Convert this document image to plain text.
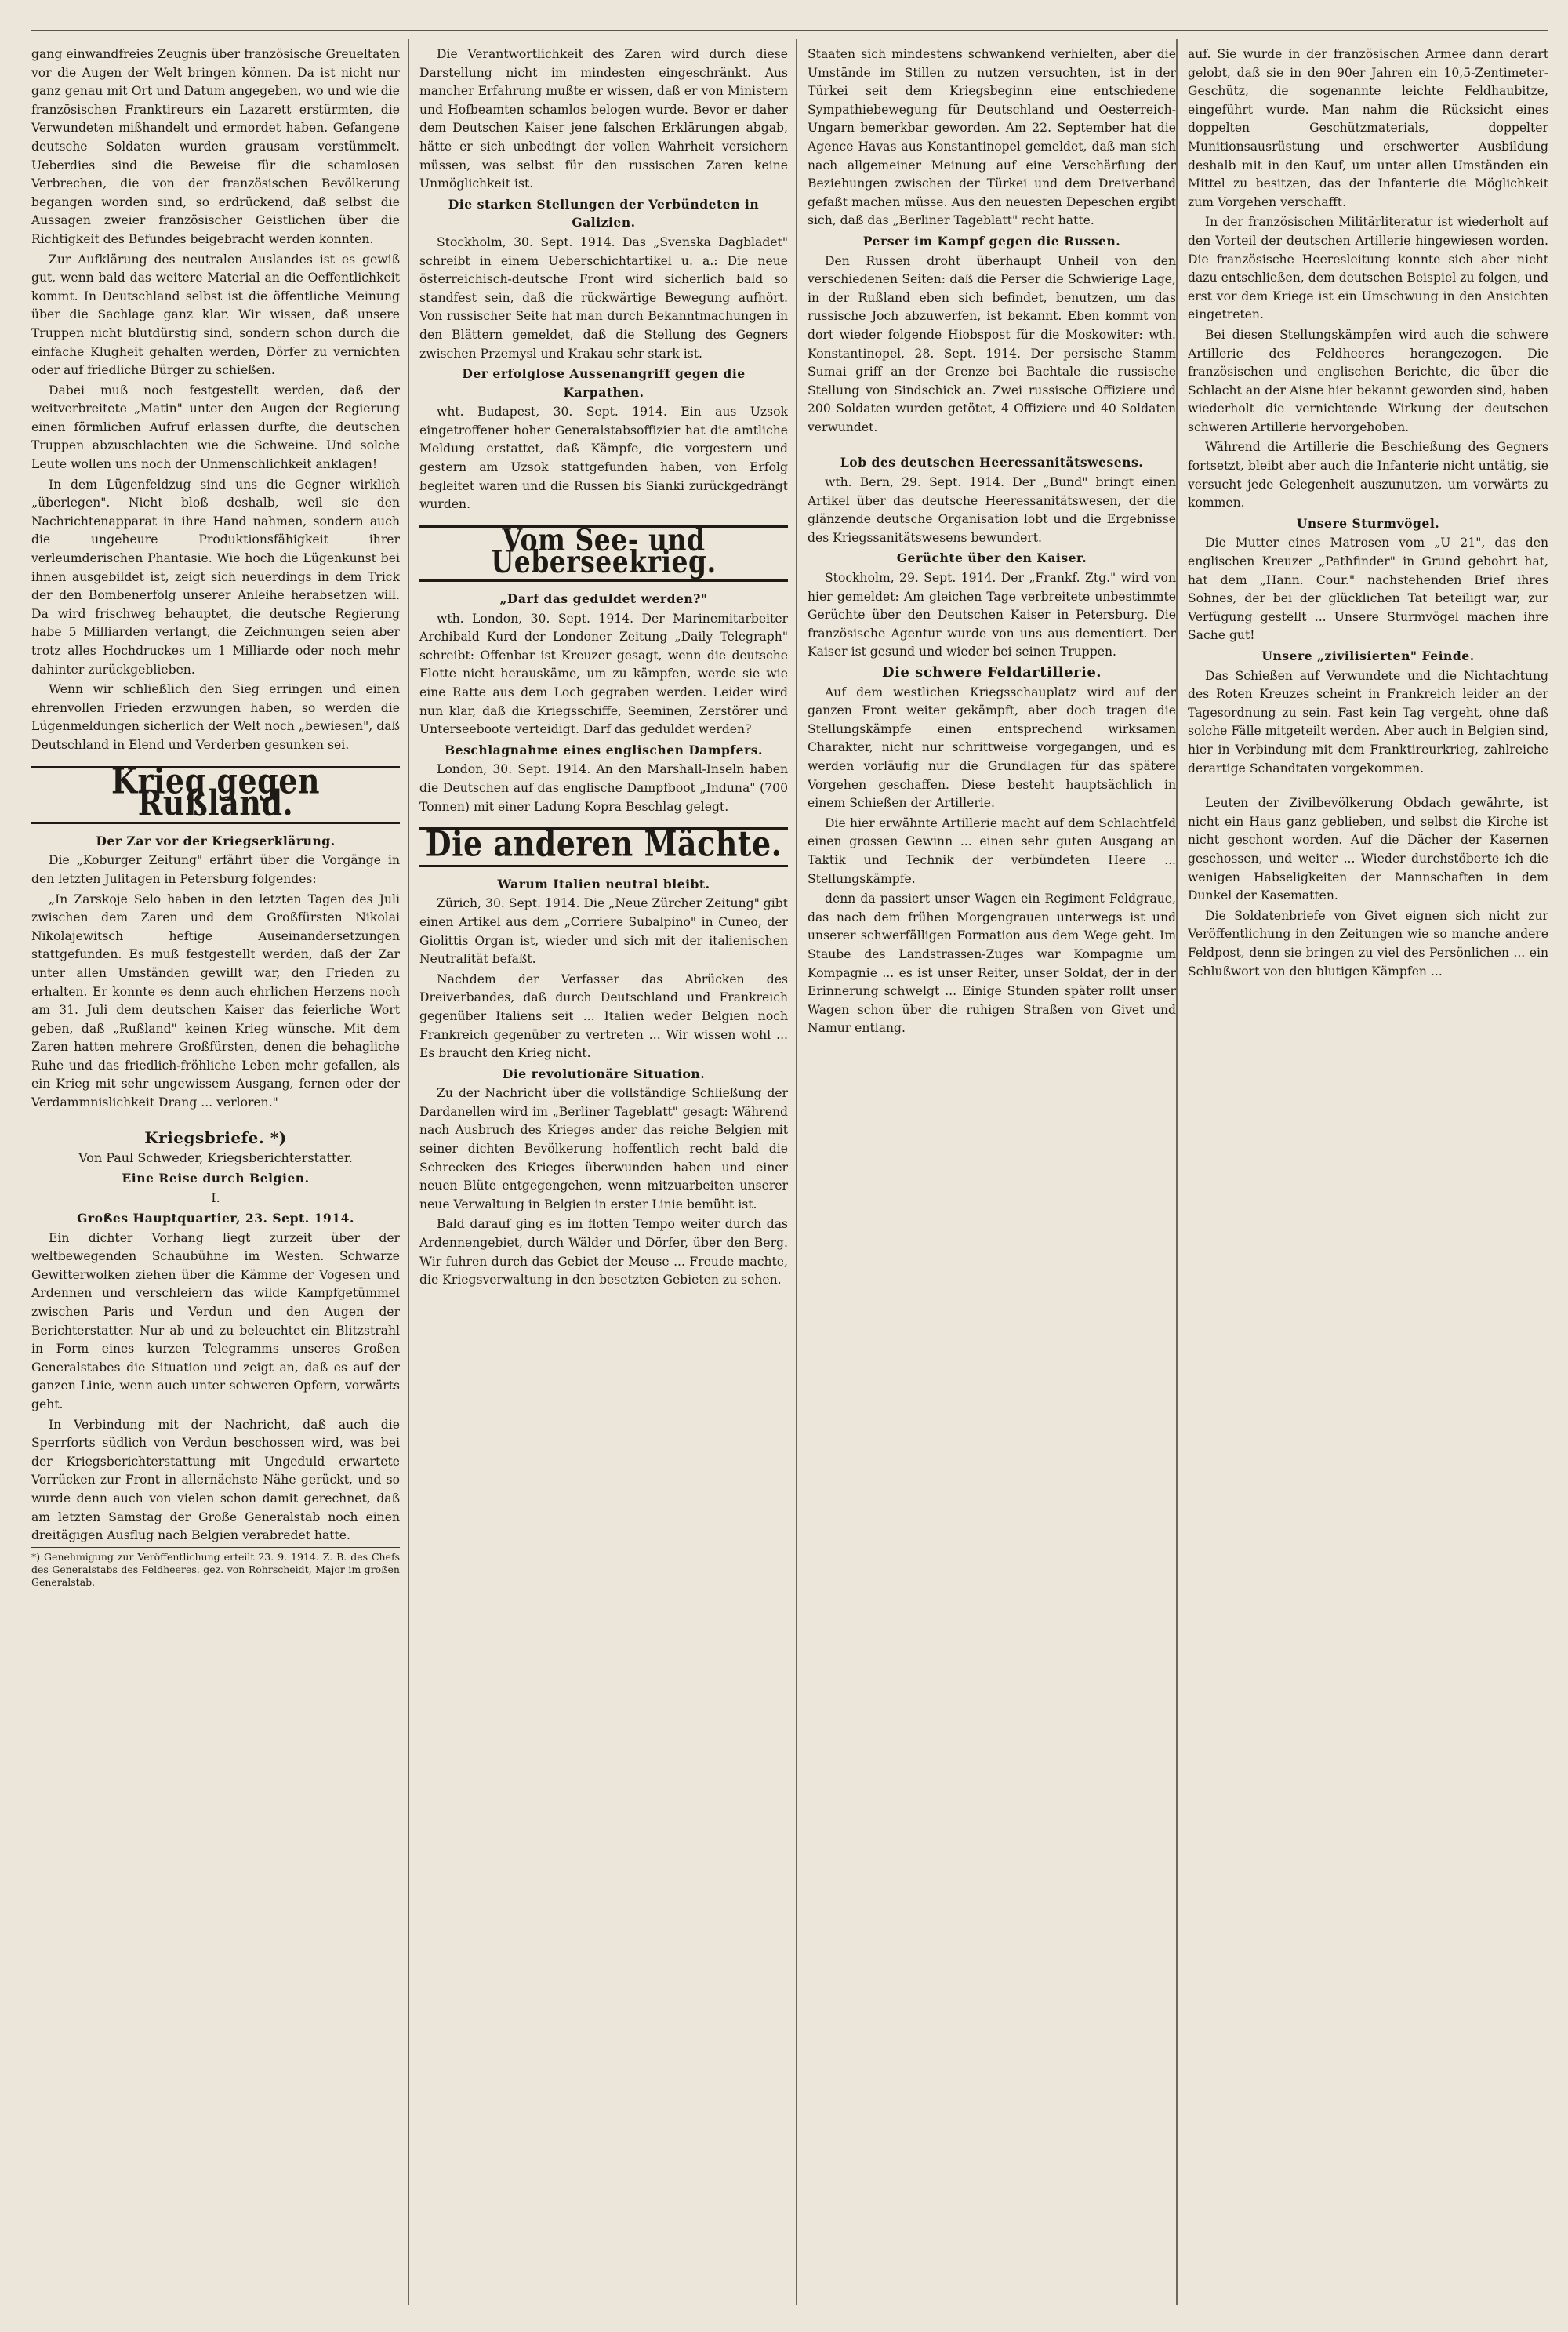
gang einwandfreies Zeugnis über französische Greueltaten vor die Augen der Welt bringen können. Da ist nicht nur ganz genau mit Ort und Datum angegeben, wo und wie die französischen Franktireurs ein Lazarett erstürmten, die Verwundeten mißhandelt und ermordet haben. Gefangene deutsche Soldaten wurden grausam verstümmelt. Ueberdies sind die Beweise für die schamlosen Verbrechen, die von der französischen Bevölkerung begangen worden sind, so erdrückend, daß selbst die Aussagen zweier französischer Geistlichen über die Richtigkeit des Befundes beigebracht werden konnten.

Zur Aufklärung des neutralen Auslandes ist es gewiß gut, wenn bald das weitere Material an die Oeffentlichkeit kommt. In Deutschland selbst ist die öffentliche Meinung über die Sachlage ganz klar. Wir wissen, daß unsere Truppen nicht blutdürstig sind, sondern schon durch die einfache Klugheit gehalten werden, Dörfer zu vernichten oder auf friedliche Bürger zu schießen.

Dabei muß noch festgestellt werden, daß der weitverbreitete „Matin" unter den Augen der Regierung einen förmlichen Aufruf erlassen durfte, die deutschen Truppen abzuschlachten wie die Schweine. Und solche Leute wollen uns noch der Unmenschlichkeit anklagen!

In dem Lügenfeldzug sind uns die Gegner wirklich „überlegen". Nicht bloß deshalb, weil sie den Nachrichtenapparat in ihre Hand nahmen, sondern auch die ungeheure Produktionsfähigkeit ihrer verleumderischen Phantasie. Wie hoch die Lügenkunst bei ihnen ausgebildet ist, zeigt sich neuerdings in dem Trick der den Bombenerfolg unserer Anleihe herabsetzen will. Da wird frischweg behauptet, die deutsche Regierung habe 5 Milliarden verlangt, die Zeichnungen seien aber trotz alles Hochdruckes um 1 Milliarde oder noch mehr dahinter zurückgeblieben.

Wenn wir schließlich den Sieg erringen und einen ehrenvollen Frieden erzwungen haben, so werden die Lügenmeldungen sicherlich der Welt noch „bewiesen", daß Deutschland in Elend und Verderben gesunken sei.

Krieg gegen Rußland.

Der Zar vor der Kriegserklärung.

Die „Koburger Zeitung" erfährt über die Vorgänge in den letzten Julitagen in Petersburg folgendes:

„In Zarskoje Selo haben in den letzten Tagen des Juli zwischen dem Zaren und dem Großfürsten Nikolai Nikolajewitsch heftige Auseinandersetzungen stattgefunden. Es muß festgestellt werden, daß der Zar unter allen Umständen gewillt war, den Frieden zu erhalten. Er konnte es denn auch ehrlichen Herzens noch am 31. Juli dem deutschen Kaiser das feierliche Wort geben, daß „Rußland" keinen Krieg wünsche. Mit dem Zaren hatten mehrere Großfürsten, denen die behagliche Ruhe und das friedlich-fröhliche Leben mehr gefallen, als ein Krieg mit sehr ungewissem Ausgang, fernen oder der Verdammnislichkeit Drang ... verloren."

Kriegsbriefe. *)

Von Paul Schweder, Kriegsberichterstatter.

Eine Reise durch Belgien.

I.

Großes Hauptquartier, 23. Sept. 1914.

Ein dichter Vorhang liegt zurzeit über der weltbewegenden Schaubühne im Westen. Schwarze Gewitterwolken ziehen über die Kämme der Vogesen und Ardennen und verschleiern das wilde Kampfgetümmel zwischen Paris und Verdun und den Augen der Berichterstatter. Nur ab und zu beleuchtet ein Blitzstrahl in Form eines kurzen Telegramms unseres Großen Generalstabes die Situation und zeigt an, daß es auf der ganzen Linie, wenn auch unter schweren Opfern, vorwärts geht.

In Verbindung mit der Nachricht, daß auch die Sperrforts südlich von Verdun beschossen wird, was bei der Kriegsberichterstattung mit Ungeduld erwartete Vorrücken zur Front in allernächste Nähe gerückt, und so wurde denn auch von vielen schon damit gerechnet, daß am letzten Samstag der Große Generalstab noch einen dreitägigen Ausflug nach Belgien verabredet hatte.

*) Genehmigung zur Veröffentlichung erteilt 23. 9. 1914. Z. B. des Chefs des Generalstabs des Feldheeres. gez. von Rohrscheidt, Major im großen Generalstab.

Die Verantwortlichkeit des Zaren wird durch diese Darstellung nicht im mindesten eingeschränkt. Aus mancher Erfahrung mußte er wissen, daß er von Ministern und Hofbeamten schamlos belogen wurde. Bevor er daher dem Deutschen Kaiser jene falschen Erklärungen abgab, hätte er sich unbedingt der vollen Wahrheit versichern müssen, was selbst für den russischen Zaren keine Unmöglichkeit ist.

Die starken Stellungen der Verbündeten in Galizien.

Stockholm, 30. Sept. 1914. Das „Svenska Dagbladet" schreibt in einem Ueberschichtartikel u. a.: Die neue österreichisch-deutsche Front wird sicherlich bald so standfest sein, daß die rückwärtige Bewegung aufhört. Von russischer Seite hat man durch Bekanntmachungen in den Blättern gemeldet, daß die Stellung des Gegners zwischen Przemysl und Krakau sehr stark ist.

Der erfolglose Aussenangriff gegen die Karpathen.

wht. Budapest, 30. Sept. 1914. Ein aus Uzsok eingetroffener hoher Generalstabsoffizier hat die amtliche Meldung erstattet, daß Kämpfe, die vorgestern und gestern am Uzsok stattgefunden haben, von Erfolg begleitet waren und die Russen bis Sianki zurückgedrängt wurden.

Vom See- und Ueberseekrieg.

„Darf das geduldet werden?"

wth. London, 30. Sept. 1914. Der Marinemitarbeiter Archibald Kurd der Londoner Zeitung „Daily Telegraph" schreibt: Offenbar ist Kreuzer gesagt, wenn die deutsche Flotte nicht herauskäme, um zu kämpfen, werde sie wie eine Ratte aus dem Loch gegraben werden. Leider wird nun klar, daß die Kriegsschiffe, Seeminen, Zerstörer und Unterseeboote verteidigt. Darf das geduldet werden?

Beschlagnahme eines englischen Dampfers.

London, 30. Sept. 1914. An den Marshall-Inseln haben die Deutschen auf das englische Dampfboot „Induna" (700 Tonnen) mit einer Ladung Kopra Beschlag gelegt.

Die anderen Mächte.

Warum Italien neutral bleibt.

Zürich, 30. Sept. 1914. Die „Neue Zürcher Zeitung" gibt einen Artikel aus dem „Corriere Subalpino" in Cuneo, der Giolittis Organ ist, wieder und sich mit der italienischen Neutralität befaßt.

Nachdem der Verfasser das Abrücken des Dreiverbandes, daß durch Deutschland und Frankreich gegenüber Italiens seit ... Italien weder Belgien noch Frankreich gegenüber zu vertreten ... Wir wissen wohl ... Es braucht den Krieg nicht.

Die revolutionäre Situation.

Zu der Nachricht über die vollständige Schließung der Dardanellen wird im „Berliner Tageblatt" gesagt: Während nach Ausbruch des Krieges ander das reiche Belgien mit seiner dichten Bevölkerung hoffentlich recht bald die Schrecken des Krieges überwunden haben und einer neuen Blüte entgegengehen, wenn mitzuarbeiten unserer neue Verwaltung in Belgien in erster Linie bemüht ist.

Bald darauf ging es im flotten Tempo weiter durch das Ardennengebiet, durch Wälder und Dörfer, über den Berg. Wir fuhren durch das Gebiet der Meuse ... Freude machte, die Kriegsverwaltung in den besetzten Gebieten zu sehen.

Staaten sich mindestens schwankend verhielten, aber die Umstände im Stillen zu nutzen versuchten, ist in der Türkei seit dem Kriegsbeginn eine entschiedene Sympathiebewegung für Deutschland und Oesterreich-Ungarn bemerkbar geworden. Am 22. September hat die Agence Havas aus Konstantinopel gemeldet, daß man sich nach allgemeiner Meinung auf eine Verschärfung der Beziehungen zwischen der Türkei und dem Dreiverband gefaßt machen müsse. Aus den neuesten Depeschen ergibt sich, daß das „Berliner Tageblatt" recht hatte.

Perser im Kampf gegen die Russen.

Den Russen droht überhaupt Unheil von den verschiedenen Seiten: daß die Perser die Schwierige Lage, in der Rußland eben sich befindet, benutzen, um das russische Joch abzuwerfen, ist bekannt. Eben kommt von dort wieder folgende Hiobspost für die Moskowiter: wth. Konstantinopel, 28. Sept. 1914. Der persische Stamm Sumai griff an der Grenze bei Bachtale die russische Stellung von Sindschick an. Zwei russische Offiziere und 200 Soldaten wurden getötet, 4 Offiziere und 40 Soldaten verwundet.

Lob des deutschen Heeressanitätswesens.

wth. Bern, 29. Sept. 1914. Der „Bund" bringt einen Artikel über das deutsche Heeressanitätswesen, der die glänzende deutsche Organisation lobt und die Ergebnisse des Kriegssanitätswesens bewundert.

Gerüchte über den Kaiser.

Stockholm, 29. Sept. 1914. Der „Frankf. Ztg." wird von hier gemeldet: Am gleichen Tage verbreitete unbestimmte Gerüchte über den Deutschen Kaiser in Petersburg. Die französische Agentur wurde von uns aus dementiert. Der Kaiser ist gesund und wieder bei seinen Truppen.

Die schwere Feldartillerie.

Auf dem westlichen Kriegsschauplatz wird auf der ganzen Front weiter gekämpft, aber doch tragen die Stellungskämpfe einen entsprechend wirksamen Charakter, nicht nur schrittweise vorgegangen, und es werden vorläufig nur die Grundlagen für das spätere Vorgehen geschaffen. Diese besteht hauptsächlich in einem Schießen der Artillerie.

Die hier erwähnte Artillerie macht auf dem Schlachtfeld einen grossen Gewinn ... einen sehr guten Ausgang an Taktik und Technik der verbündeten Heere ... Stellungskämpfe.

denn da passiert unser Wagen ein Regiment Feldgraue, das nach dem frühen Morgengrauen unterwegs ist und unserer schwerfälligen Formation aus dem Wege geht. Im Staube des Landstrassen-Zuges war Kompagnie um Kompagnie ... es ist unser Reiter, unser Soldat, der in der Erinnerung schwelgt ... Einige Stunden später rollt unser Wagen schon über die ruhigen Straßen von Givet und Namur entlang.

auf. Sie wurde in der französischen Armee dann derart gelobt, daß sie in den 90er Jahren ein 10,5-Zentimeter-Geschütz, die sogenannte leichte Feldhaubitze, eingeführt wurde. Man nahm die Rücksicht eines doppelten Geschützmaterials, doppelter Munitionsausrüstung und erschwerter Ausbildung deshalb mit in den Kauf, um unter allen Umständen ein Mittel zu besitzen, das der Infanterie die Möglichkeit zum Vorgehen verschafft.

In der französischen Militärliteratur ist wiederholt auf den Vorteil der deutschen Artillerie hingewiesen worden. Die französische Heeresleitung konnte sich aber nicht dazu entschließen, dem deutschen Beispiel zu folgen, und erst vor dem Kriege ist ein Umschwung in den Ansichten eingetreten.

Bei diesen Stellungskämpfen wird auch die schwere Artillerie des Feldheeres herangezogen. Die französischen und englischen Berichte, die über die Schlacht an der Aisne hier bekannt geworden sind, haben wiederholt die vernichtende Wirkung der deutschen schweren Artillerie hervorgehoben.

Während die Artillerie die Beschießung des Gegners fortsetzt, bleibt aber auch die Infanterie nicht untätig, sie versucht jede Gelegenheit auszunutzen, um vorwärts zu kommen.

Unsere Sturmvögel.

Die Mutter eines Matrosen vom „U 21", das den englischen Kreuzer „Pathfinder" in Grund gebohrt hat, hat dem „Hann. Cour." nachstehenden Brief ihres Sohnes, der bei der glücklichen Tat beteiligt war, zur Verfügung gestellt ... Unsere Sturmvögel machen ihre Sache gut!

Unsere „zivilisierten" Feinde.

Das Schießen auf Verwundete und die Nichtachtung des Roten Kreuzes scheint in Frankreich leider an der Tagesordnung zu sein. Fast kein Tag vergeht, ohne daß solche Fälle mitgeteilt werden. Aber auch in Belgien sind, hier in Verbindung mit dem Franktireurkrieg, zahlreiche derartige Schandtaten vorgekommen.

Leuten der Zivilbevölkerung Obdach gewährte, ist nicht ein Haus ganz geblieben, und selbst die Kirche ist nicht geschont worden. Auf die Dächer der Kasernen geschossen, und weiter ... Wieder durchstöberte ich die wenigen Habseligkeiten der Mannschaften in dem Dunkel der Kasematten.

Die Soldatenbriefe von Givet eignen sich nicht zur Veröffentlichung in den Zeitungen wie so manche andere Feldpost, denn sie bringen zu viel des Persönlichen ... ein Schlußwort von den blutigen Kämpfen ...
